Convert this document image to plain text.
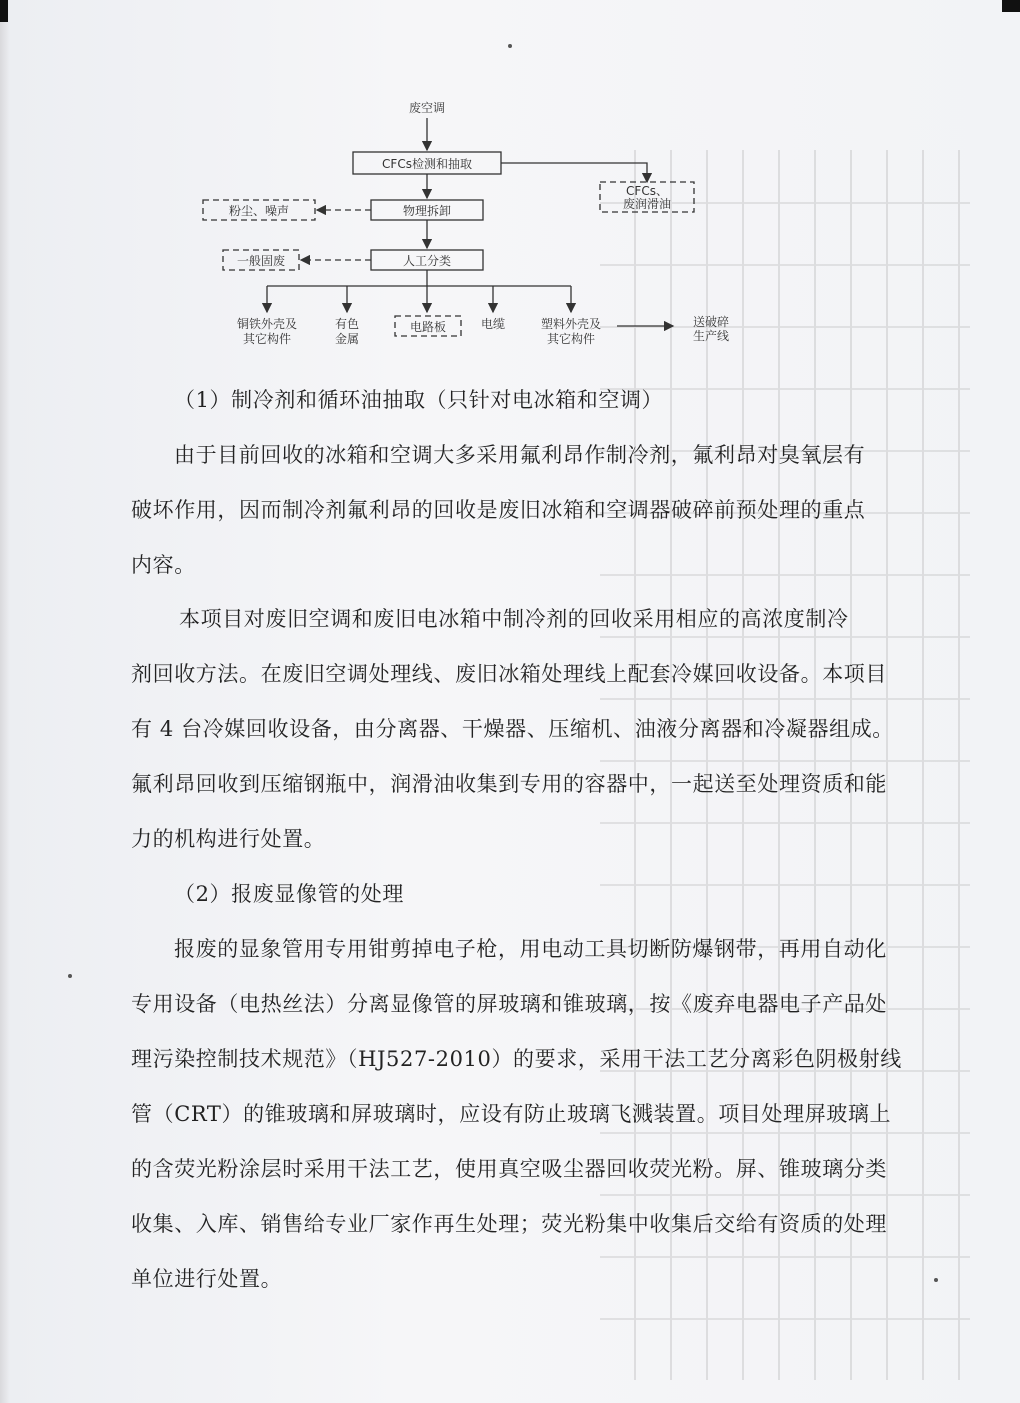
废空调
CFCs检测和抽取
CFCs、
废润滑油
物理拆卸
粉尘、噪声
人工分类
一般固废
铜铁外壳及
其它构件
有色
金属
电路板	电缆	塑料外壳及
其它构件
送破碎
生产线
（1）制冷剂和循环油抽取（只针对电冰箱和空调）
由于目前回收的冰箱和空调大多采用氟利昂作制冷剂，氟利昂对臭氧层有
破坏作用，因而制冷剂氟利昂的回收是废旧冰箱和空调器破碎前预处理的重点
内容。
本项目对废旧空调和废旧电冰箱中制冷剂的回收采用相应的高浓度制冷
剂回收方法。在废旧空调处理线、废旧冰箱处理线上配套冷媒回收设备。本项目
有 4 台冷媒回收设备，由分离器、干燥器、压缩机、油液分离器和冷凝器组成。
氟利昂回收到压缩钢瓶中，润滑油收集到专用的容器中，一起送至处理资质和能
力的机构进行处置。
（2）报废显像管的处理
报废的显象管用专用钳剪掉电子枪，用电动工具切断防爆钢带，再用自动化
专用设备（电热丝法）分离显像管的屏玻璃和锥玻璃，按《废弃电器电子产品处
理污染控制技术规范》（HJ527-2010）的要求，采用干法工艺分离彩色阴极射线
管（CRT）的锥玻璃和屏玻璃时，应设有防止玻璃飞溅装置。项目处理屏玻璃上
的含荧光粉涂层时采用干法工艺，使用真空吸尘器回收荧光粉。屏、锥玻璃分类
收集、入库、销售给专业厂家作再生处理；荧光粉集中收集后交给有资质的处理
单位进行处置。
